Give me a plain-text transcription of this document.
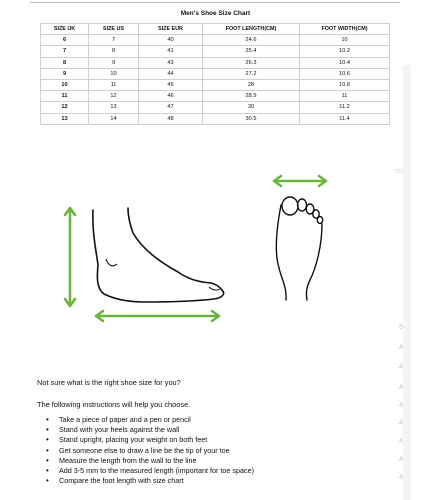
Men's Shoe Size Chart
SIZE UK	SIZE US	SIZE EUR	FOOT LENGTH(CM)	FOOT WIDTH(CM)
6	7	40	24.6	10
7	8	41	25.4	10.2
8	9	43	26.3	10.4
9	10	44	27.2	10.6
10	11	45	28	10.8
11	12	46	28.9	11
12	13	47	30	11.2
13	14	48	30.5	11.4
tes
5
4
4
4
4
4
4
4
4
Not sure what is the right shoe size for you?
The following instructions will help you choose.
• Take a piece of paper and a pen or pencil
• Stand with your heels against the wall
• Stand upright, placing your weight on both feet
• Get someone else to draw a line be the tip of your toe
• Measure the length from the wall to the line
• Add 3-5 mm to the measured length (important for toe space)
• Compare the foot length with size chart
